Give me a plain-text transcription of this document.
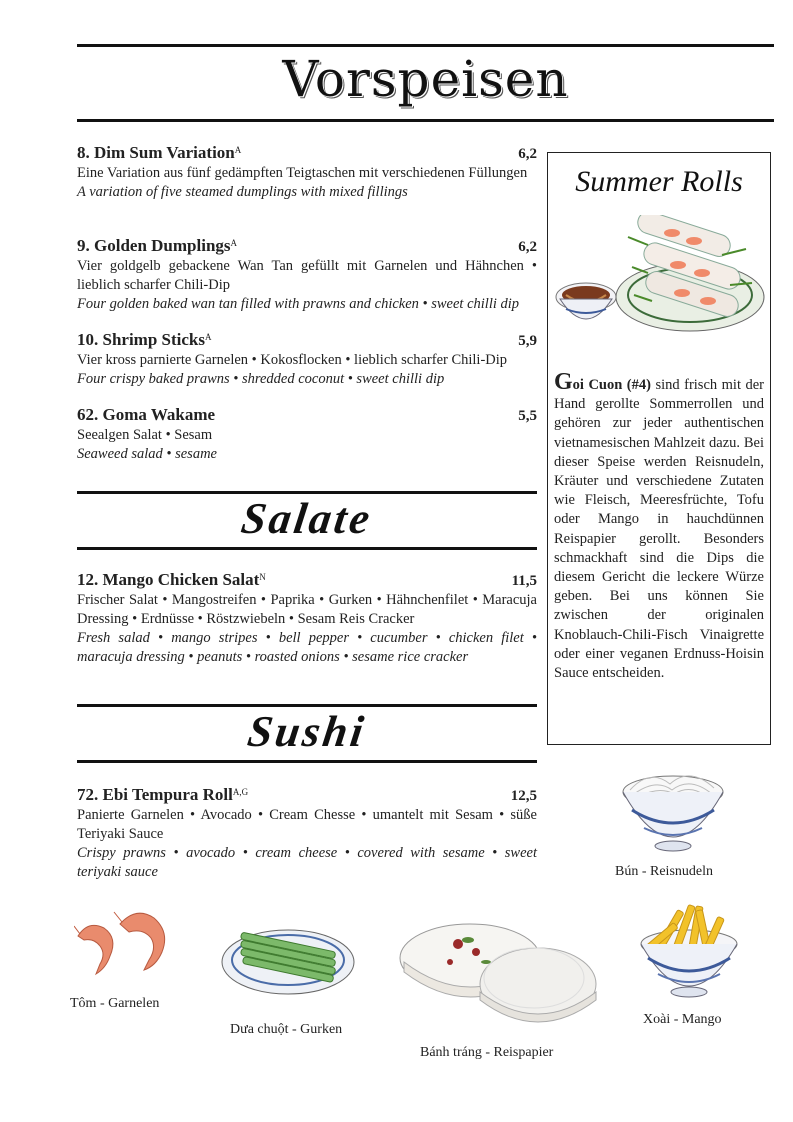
Vorspeisen
8. Dim Sum Variation$^A$	6,2
Eine Variation aus fünf gedämpften Teigtaschen mit verschiedenen Füllungen
A variation of five steamed dumplings with mixed fillings
9. Golden Dumplings$^A$	6,2
Vier goldgelb gebackene Wan Tan gefüllt mit Garnelen und Hähnchen • lieblich scharfer Chili-Dip
Four golden baked wan tan filled with prawns and chicken • sweet chilli dip
10. Shrimp Sticks$^A$	5,9
Vier kross parnierte Garnelen • Kokosflocken • lieblich scharfer Chili-Dip
Four crispy baked prawns • shredded coconut • sweet chilli dip
62. Goma Wakame	5,5
Seealgen Salat • Sesam
Seaweed salad • sesame
Salate
12. Mango Chicken Salat$^N$	11,5
Frischer Salat • Mangostreifen • Paprika • Gurken • Hähnchenfilet • Maracuja Dressing • Erdnüsse • Röstzwiebeln • Sesam Reis Cracker
Fresh salad • mango stripes • bell pepper • cucumber • chicken filet • maracuja dressing • peanuts • roasted onions • sesame rice cracker
Sushi
72. Ebi Tempura Roll$^{A,G}$	12,5
Panierte Garnelen • Avocado • Cream Chesse • umantelt mit Sesam • süße Teriyaki Sauce
Crispy prawns • avocado • cream cheese • covered with sesame • sweet teriyaki sauce
Summer Rolls
Goi Cuon (#4) sind frisch mit der Hand gerollte Sommerrollen und gehören zur jeder authentischen vietnamesischen Mahlzeit dazu. Bei dieser Speise werden Reisnudeln, Kräuter und verschiedene Zutaten wie Fleisch, Meeresfrüchte, Tofu oder Mango in hauchdünnen Reispapier gerollt. Besonders schmackhaft sind die Dips die diesem Gericht die leckere Würze geben. Bei uns können Sie zwischen der originalen Knoblauch-Chili-Fisch Vinaigrette oder einer veganen Erdnuss-Hoisin Sauce entscheiden.
Bún - Reisnudeln
Tôm - Garnelen
Dưa chuột - Gurken
Bánh tráng - Reispapier
Xoài - Mango
